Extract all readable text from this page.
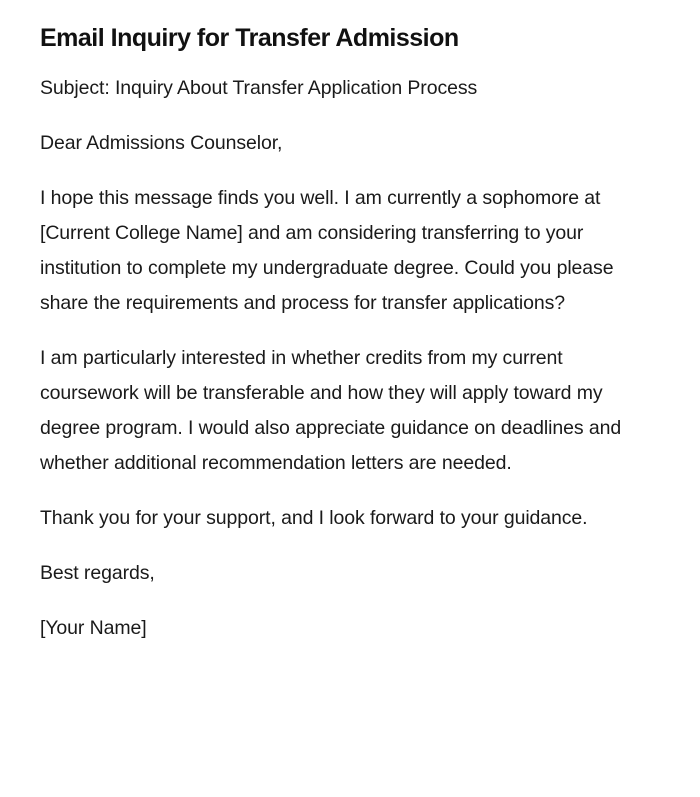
Email Inquiry for Transfer Admission

Subject: Inquiry About Transfer Application Process

Dear Admissions Counselor,

I hope this message finds you well. I am currently a sophomore at [Current College Name] and am considering transferring to your institution to complete my undergraduate degree. Could you please share the requirements and process for transfer applications?

I am particularly interested in whether credits from my current coursework will be transferable and how they will apply toward my degree program. I would also appreciate guidance on deadlines and whether additional recommendation letters are needed.

Thank you for your support, and I look forward to your guidance.

Best regards,

[Your Name]
